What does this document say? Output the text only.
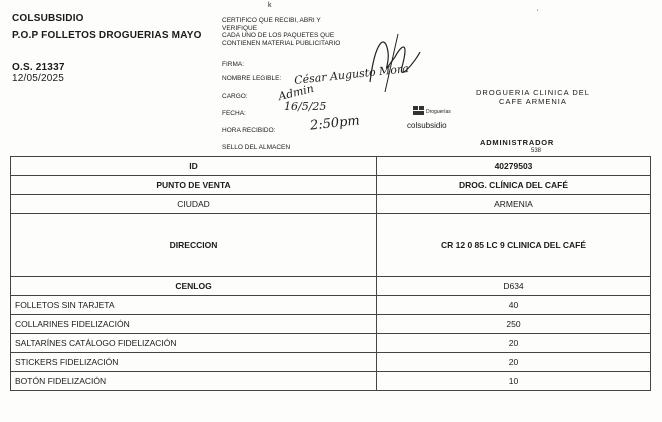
COLSUBSIDIO
P.O.P FOLLETOS DROGUERIAS MAYO
O.S. 21337
12/05/2025
k
CERTIFICO QUE RECIBI, ABRI Y
VERIFIQUE
CADA UNO DE LOS PAQUETES QUE
CONTIENEN MATERIAL PUBLICITARIO
FIRMA:
NOMBRE LEGIBLE:
CARGO:
FECHA:
HORA RECIBIDO:
SELLO DEL ALMACEN
César Augusto Mora
Admin
16/5/25
2:50pm
DROGUERIA CLINICA DEL
CAFE ARMENIA
Droguerías
colsubsidio
ADMINISTRADOR
538
'
ID	40279503
PUNTO DE VENTA	DROG. CLÍNICA DEL CAFÉ
CIUDAD	ARMENIA
DIRECCION	CR 12 0 85 LC 9 CLINICA DEL CAFÉ
CENLOG	D634
FOLLETOS SIN TARJETA	40
COLLARINES FIDELIZACIÓN	250
SALTARÍNES CATÁLOGO FIDELIZACIÓN	20
STICKERS FIDELIZACIÓN	20
BOTÓN FIDELIZACIÓN	10
